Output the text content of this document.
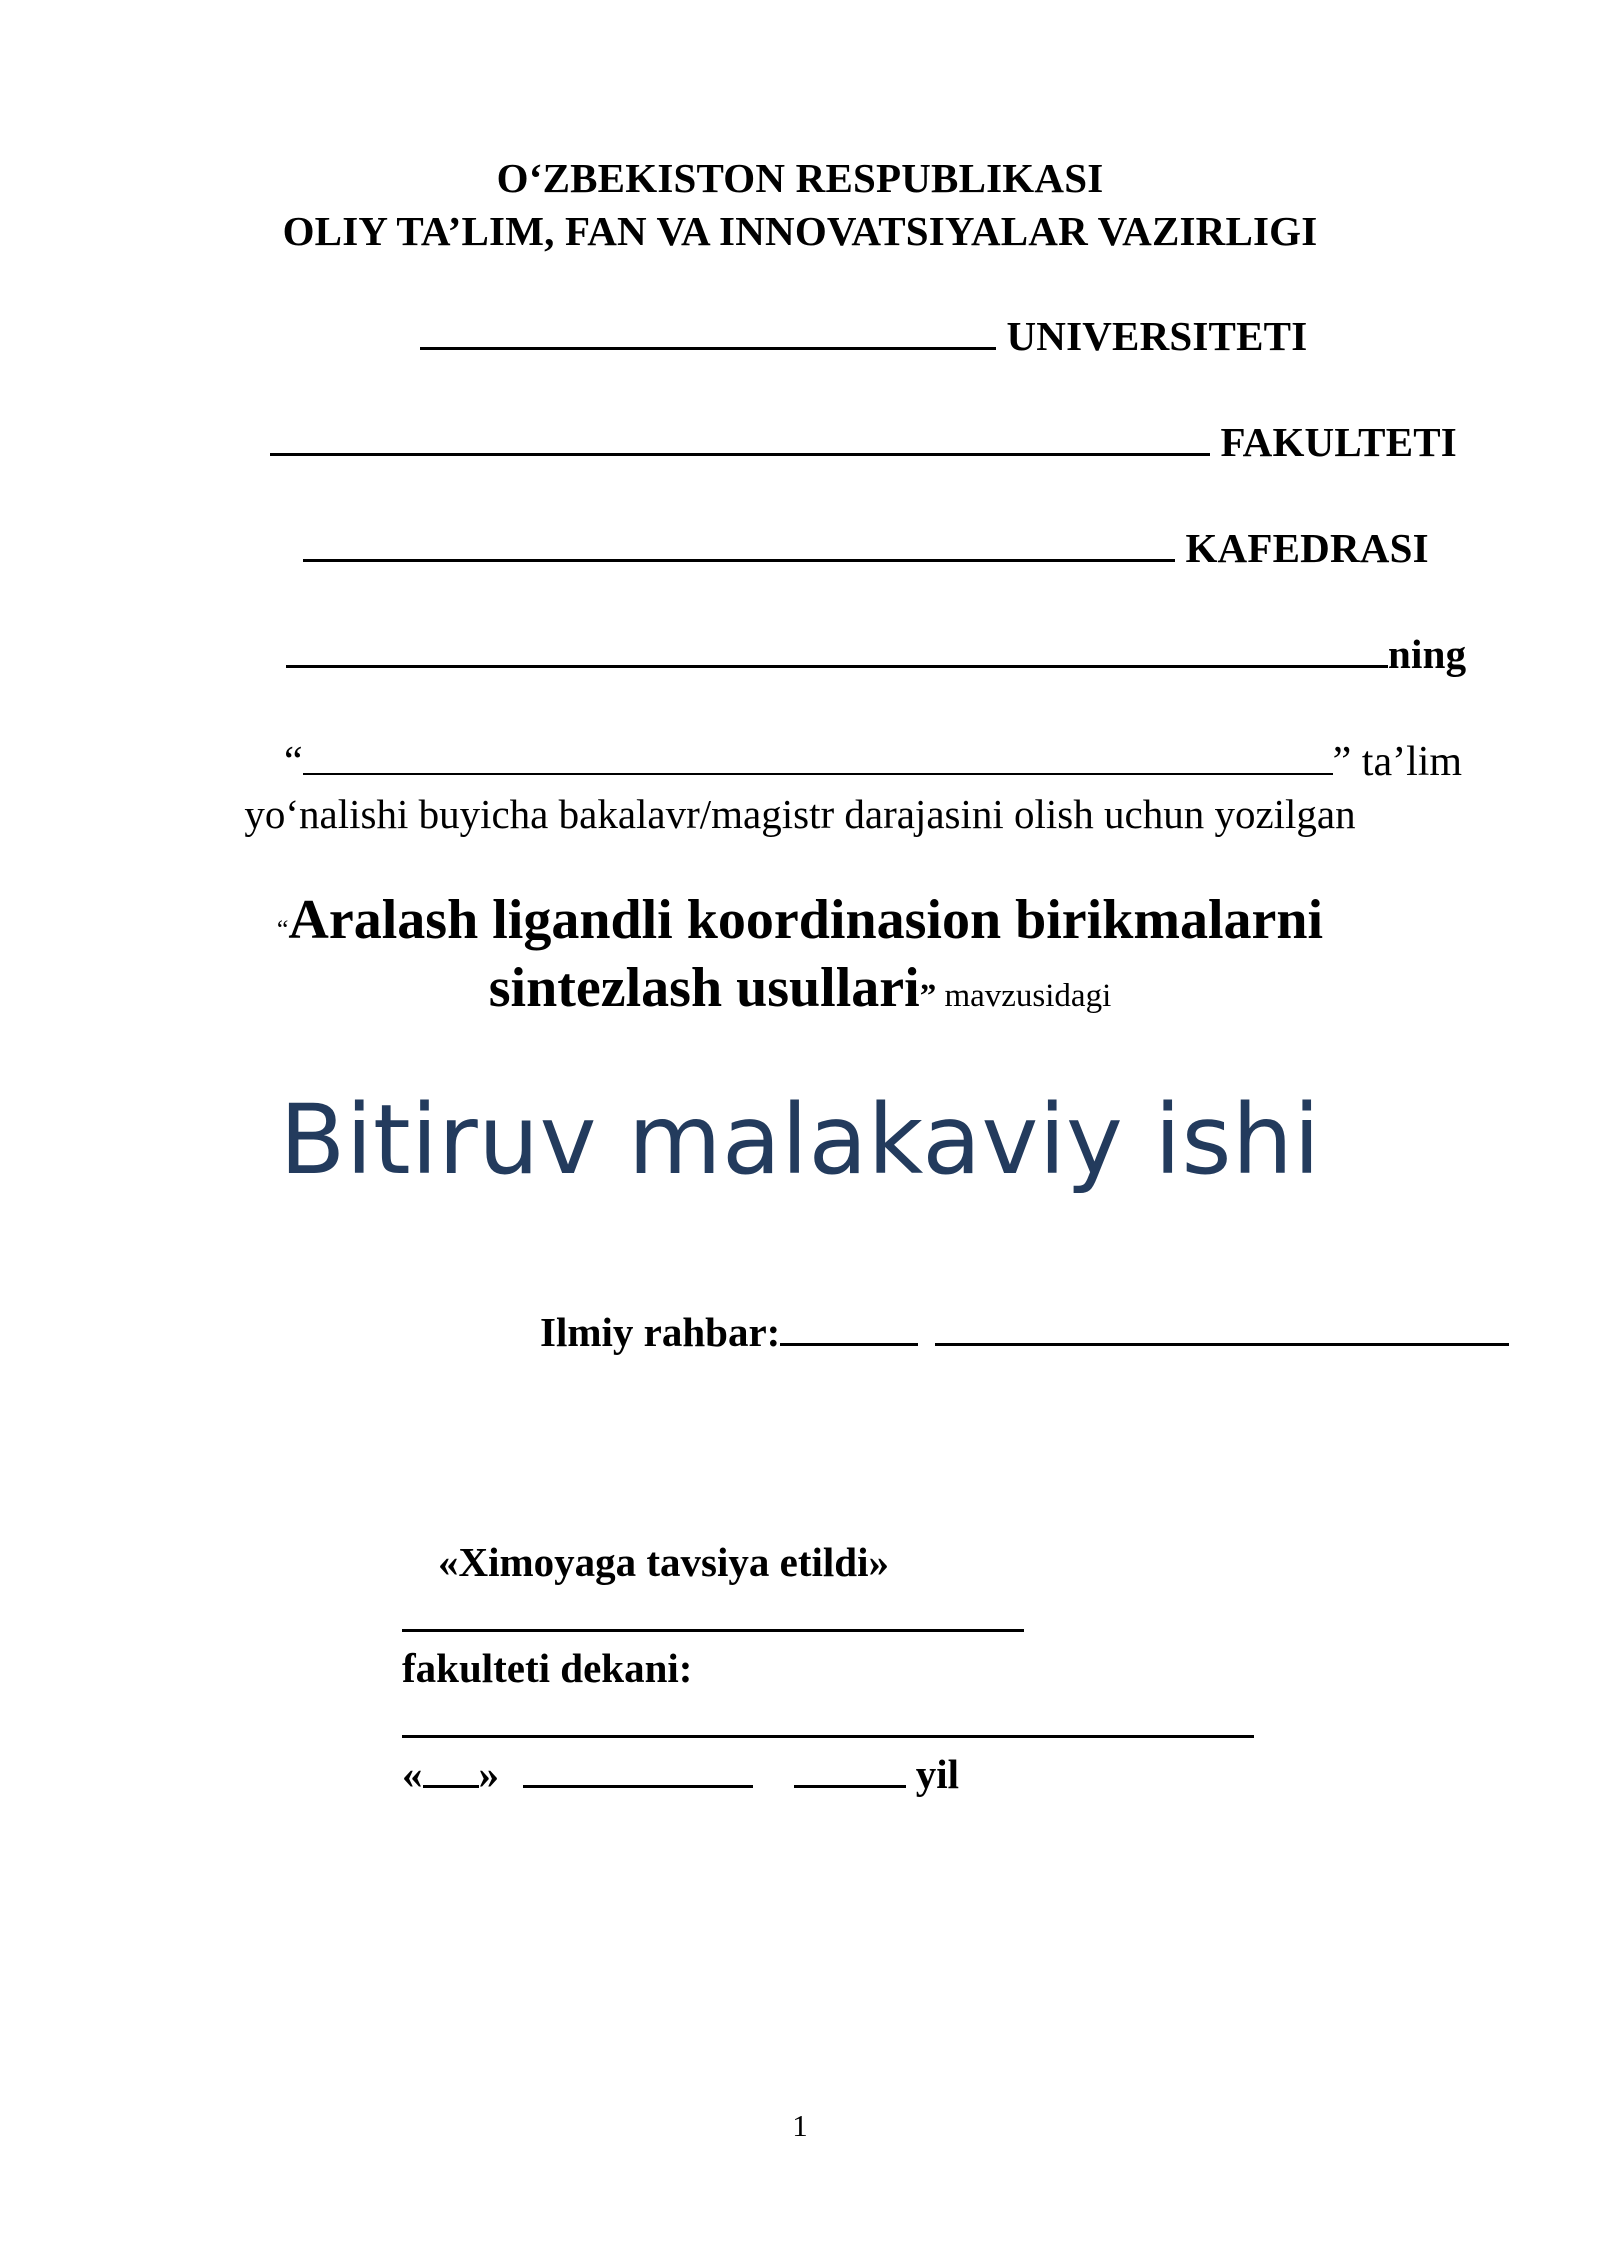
O‘ZBEKISTON RESPUBLIKASI
OLIY TA’LIM, FAN VA INNOVATSIYALAR VAZIRLIGI
UNIVERSITETI
FAKULTETI
KAFEDRASI
ning
“	” ta’lim
yo‘nalishi buyicha bakalavr/magistr darajasini olish uchun yozilgan
“Aralash ligandli koordinasion birikmalarni
sintezlash usullari” mavzusidagi
Bitiruv malakaviy ishi
Ilmiy rahbar:
«Ximoyaga tavsiya etildi»
fakulteti dekani:
« »	yil
1
